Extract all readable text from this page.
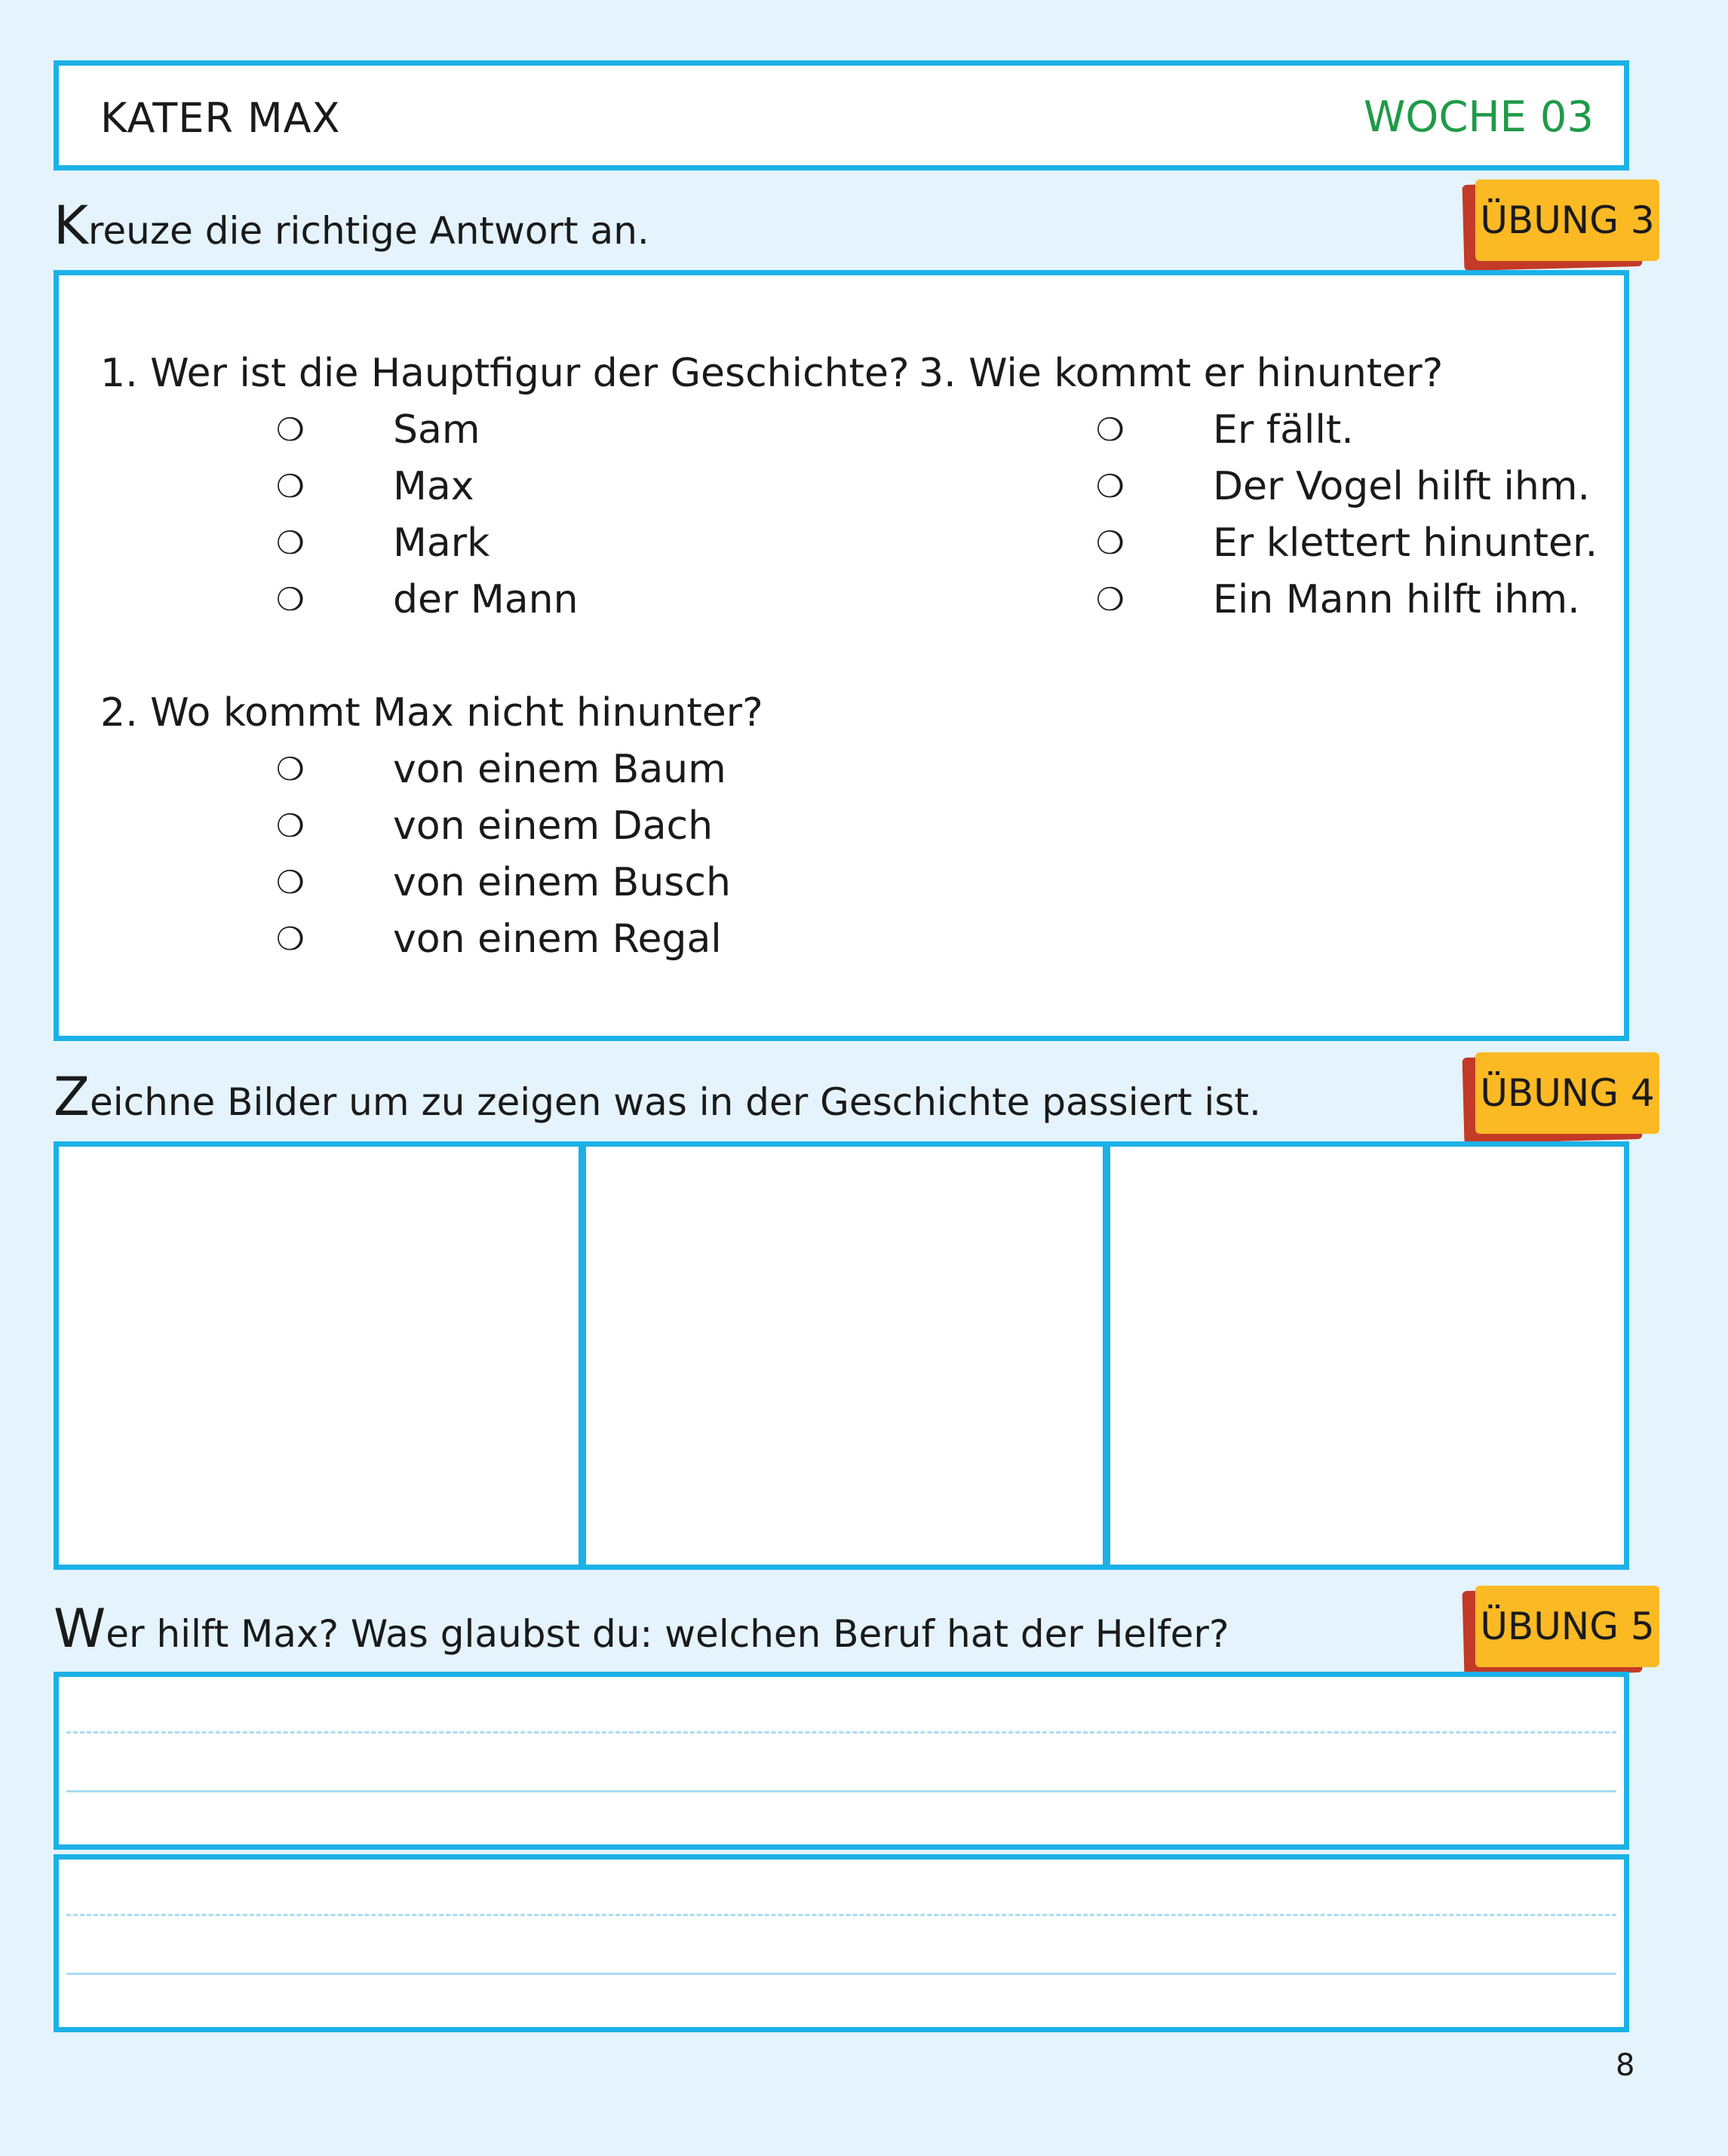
KATER MAX	WOCHE 03
Kreuze die richtige Antwort an.	ÜBUNG 3
1. Wer ist die Hauptfigur der Geschichte?
❍ Sam
❍ Max
❍ Mark
❍ der Mann
2. Wo kommt Max nicht hinunter?
❍ von einem Baum
❍ von einem Dach
❍ von einem Busch
❍ von einem Regal
3. Wie kommt er hinunter?
❍ Er fällt.
❍ Der Vogel hilft ihm.
❍ Er klettert hinunter.
❍ Ein Mann hilft ihm.
Zeichne Bilder um zu zeigen was in der Geschichte passiert ist.	ÜBUNG 4
Wer hilft Max? Was glaubst du: welchen Beruf hat der Helfer?	ÜBUNG 5
8
